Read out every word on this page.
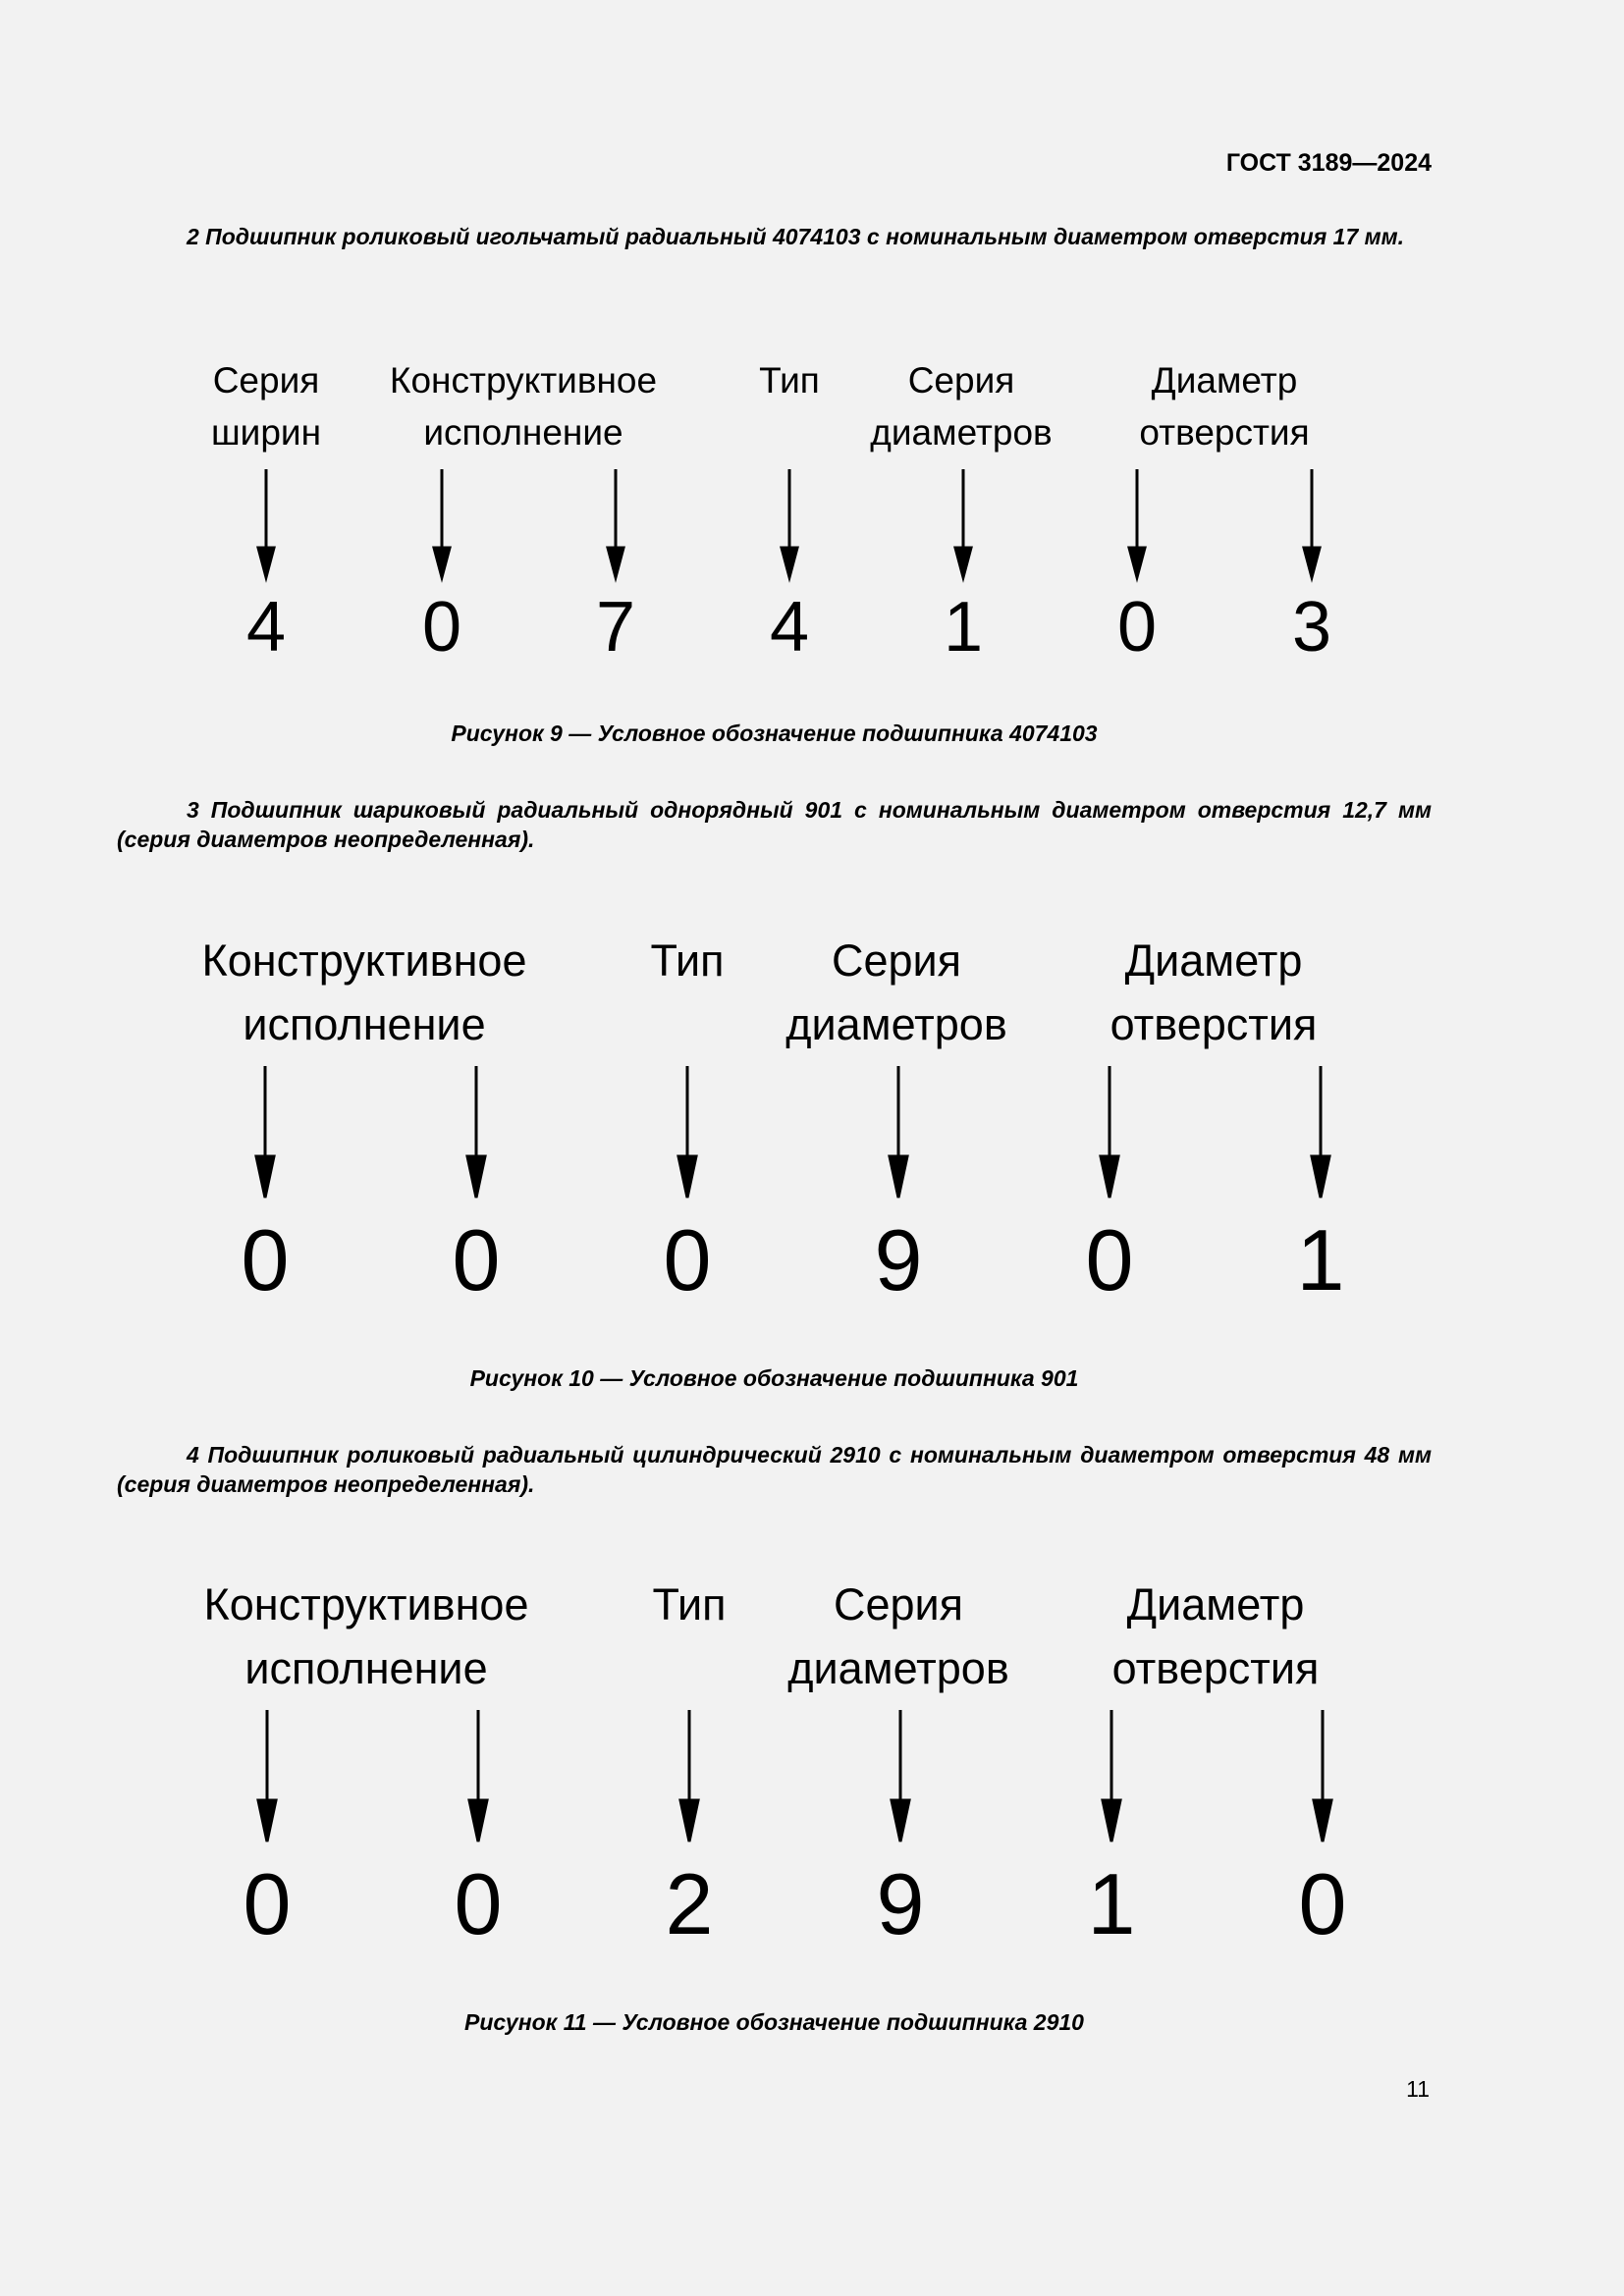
ГОСТ 3189—2024
2 Подшипник роликовый игольчатый радиальный 4074103 с номинальным диаметром отверстия 17 мм.
Серия
ширин
Конструктивное
исполнение
Тип	Серия
диаметров
Диаметр
отверстия
4 0 7 4 1 0 3
Рисунок 9 — Условное обозначение подшипника 4074103
3 Подшипник шариковый радиальный однорядный 901 с номинальным диаметром отверстия 12,7 мм (серия диаметров неопределенная).
Конструктивное
исполнение
Тип	Серия
диаметров
Диаметр
отверстия
0 0 0 9 0 1
Рисунок 10 — Условное обозначение подшипника 901
4 Подшипник роликовый радиальный цилиндрический 2910 с номинальным диаметром отверстия 48 мм (серия диаметров неопределенная).
Конструктивное
исполнение
Тип	Серия
диаметров
Диаметр
отверстия
0 0 2 9 1 0
Рисунок 11 — Условное обозначение подшипника 2910
11
